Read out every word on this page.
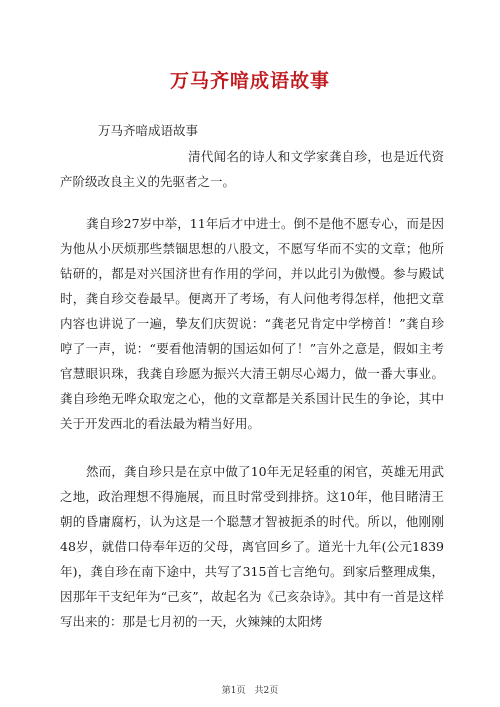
万马齐喑成语故事
万马齐喑成语故事
清代闻名的诗人和文学家龚自珍，也是近代资产阶级改良主义的先驱者之一。

龚自珍27岁中举，11年后才中进士。倒不是他不愿专心，而是因为他从小厌烦那些禁锢思想的八股文，不愿写华而不实的文章；他所钻研的，都是对兴国济世有作用的学问，并以此引为傲慢。参与殿试时，龚自珍交卷最早。便离开了考场，有人问他考得怎样，他把文章内容也讲说了一遍，挚友们庆贺说：“龚老兄肯定中学榜首！”龚自珍哼了一声，说：“要看他清朝的国运如何了！”言外之意是，假如主考官慧眼识珠，我龚自珍愿为振兴大清王朝尽心竭力，做一番大事业。龚自珍绝无哗众取宠之心，他的文章都是关系国计民生的争论，其中关于开发西北的看法最为精当好用。

然而，龚自珍只是在京中做了10年无足轻重的闲官，英雄无用武之地，政治理想不得施展，而且时常受到排挤。这10年，他目睹清王朝的昏庸腐朽，认为这是一个聪慧才智被扼杀的时代。所以，他刚刚48岁，就借口侍奉年迈的父母，离官回乡了。道光十九年(公元1839年)，龚自珍在南下途中，共写了315首七言绝句。到家后整理成集，因那年干支纪年为“己亥”，故起名为《己亥杂诗》。其中有一首是这样写出来的：那是七月初的一天，火辣辣的太阳烤

第1页　共2页
